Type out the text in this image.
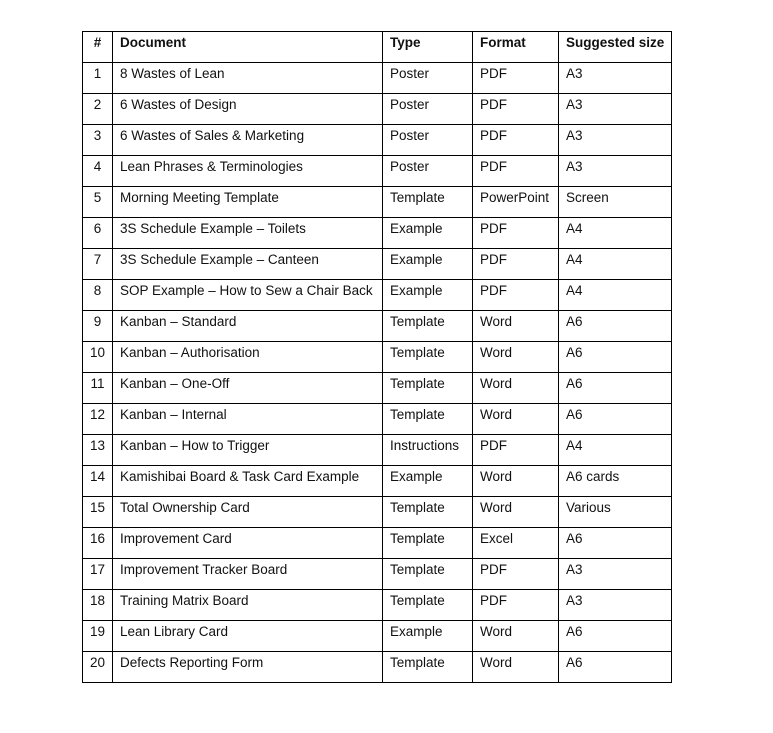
#	Document	Type	Format	Suggested size
1	8 Wastes of Lean	Poster	PDF	A3
2	6 Wastes of Design	Poster	PDF	A3
3	6 Wastes of Sales & Marketing	Poster	PDF	A3
4	Lean Phrases & Terminologies	Poster	PDF	A3
5	Morning Meeting Template	Template	PowerPoint	Screen
6	3S Schedule Example – Toilets	Example	PDF	A4
7	3S Schedule Example – Canteen	Example	PDF	A4
8	SOP Example – How to Sew a Chair Back	Example	PDF	A4
9	Kanban – Standard	Template	Word	A6
10	Kanban – Authorisation	Template	Word	A6
11	Kanban – One-Off	Template	Word	A6
12	Kanban – Internal	Template	Word	A6
13	Kanban – How to Trigger	Instructions	PDF	A4
14	Kamishibai Board & Task Card Example	Example	Word	A6 cards
15	Total Ownership Card	Template	Word	Various
16	Improvement Card	Template	Excel	A6
17	Improvement Tracker Board	Template	PDF	A3
18	Training Matrix Board	Template	PDF	A3
19	Lean Library Card	Example	Word	A6
20	Defects Reporting Form	Template	Word	A6
